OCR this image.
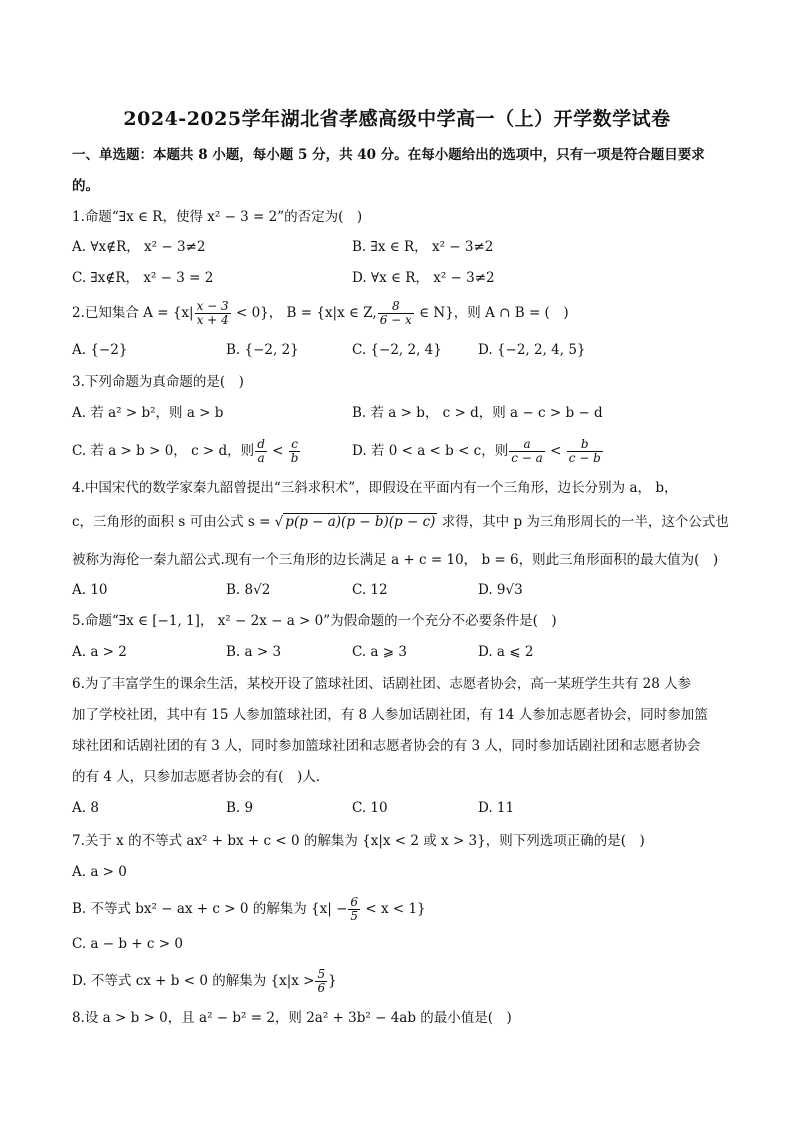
2024-2025学年湖北省孝感高级中学高一（上）开学数学试卷
一、单选题：本题共 8 小题，每小题 5 分，共 40 分。在每小题给出的选项中，只有一项是符合题目要求
的。
1.命题“∃x ∈ R，使得 x² − 3 = 2”的否定为(　)
A. ∀x∉R， x² − 3≠2	B. ∃x ∈ R， x² − 3≠2
C. ∃x∉R， x² − 3 = 2	D. ∀x ∈ R， x² − 3≠2
2.已知集合 $A = \{x| \frac{x - 3}{x + 4} < 0\}$， B = {x|x ∈ Z, $\frac{8}{6 - x}$ ∈ N}，则 A ∩ B = (　)
A. {−2}	B. {−2, 2}	C. {−2, 2, 4}	D. {−2, 2, 4, 5}
3.下列命题为真命题的是(　)
A. 若 a² > b²，则 a > b	B. 若 a > b， c > d，则 a − c > b − d
C. 若 a > b > 0， c > d，则 $\frac{d}{a} < \frac{c}{b}$	D. 若 0 < a < b < c，则 $\frac{a}{c - a} < \frac{b}{c - b}$
4.中国宋代的数学家秦九韶曾提出“三斜求积术”，即假设在平面内有一个三角形，边长分别为 a， b，
c，三角形的面积 s 可由公式 s = √ p(p − a)(p − b)(p − c) 求得，其中 p 为三角形周长的一半，这个公式也
被称为海伦一秦九韶公式.现有一个三角形的边长满足 a + c = 10， b = 6，则此三角形面积的最大值为(　)
A. 10	B. 8√2	C. 12	D. 9√3
5.命题“∃x ∈ [−1, 1]， x² − 2x − a > 0”为假命题的一个充分不必要条件是(　)
A. a > 2	B. a > 3	C. a ⩾ 3	D. a ⩽ 2
6.为了丰富学生的课余生活，某校开设了篮球社团、话剧社团、志愿者协会，高一某班学生共有 28 人参
加了学校社团，其中有 15 人参加篮球社团，有 8 人参加话剧社团，有 14 人参加志愿者协会，同时参加篮
球社团和话剧社团的有 3 人，同时参加篮球社团和志愿者协会的有 3 人，同时参加话剧社团和志愿者协会
的有 4 人，只参加志愿者协会的有(　)人.
A. 8	B. 9	C. 10	D. 11
7.关于 x 的不等式 ax² + bx + c < 0 的解集为 {x|x < 2 或 x > 3}，则下列选项正确的是(　)
A. a > 0
B. 不等式 bx² − ax + c > 0 的解集为 $\{x| - \frac{6}{5} < x < 1\}$
C. a − b + c > 0
D. 不等式 cx + b < 0 的解集为 {$x|x > \frac{5}{6}$ }
8.设 a > b > 0，且 a² − b² = 2，则 2a² + 3b² − 4ab 的最小值是(　)
